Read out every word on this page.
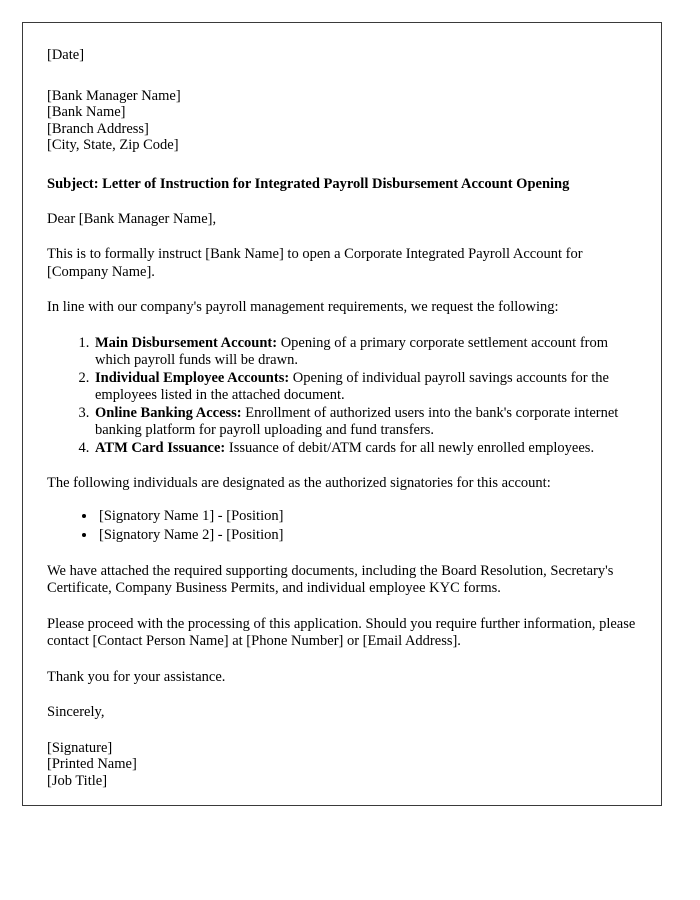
[Date]
[Bank Manager Name]
[Bank Name]
[Branch Address]
[City, State, Zip Code]
Subject: Letter of Instruction for Integrated Payroll Disbursement Account Opening
Dear [Bank Manager Name],
This is to formally instruct [Bank Name] to open a Corporate Integrated Payroll Account for [Company Name].
In line with our company's payroll management requirements, we request the following:
1. Main Disbursement Account: Opening of a primary corporate settlement account from which payroll funds will be drawn.
2. Individual Employee Accounts: Opening of individual payroll savings accounts for the employees listed in the attached document.
3. Online Banking Access: Enrollment of authorized users into the bank's corporate internet banking platform for payroll uploading and fund transfers.
4. ATM Card Issuance: Issuance of debit/ATM cards for all newly enrolled employees.
The following individuals are designated as the authorized signatories for this account:
• [Signatory Name 1] - [Position]
• [Signatory Name 2] - [Position]
We have attached the required supporting documents, including the Board Resolution, Secretary's Certificate, Company Business Permits, and individual employee KYC forms.
Please proceed with the processing of this application. Should you require further information, please contact [Contact Person Name] at [Phone Number] or [Email Address].
Thank you for your assistance.
Sincerely,
[Signature]
[Printed Name]
[Job Title]
